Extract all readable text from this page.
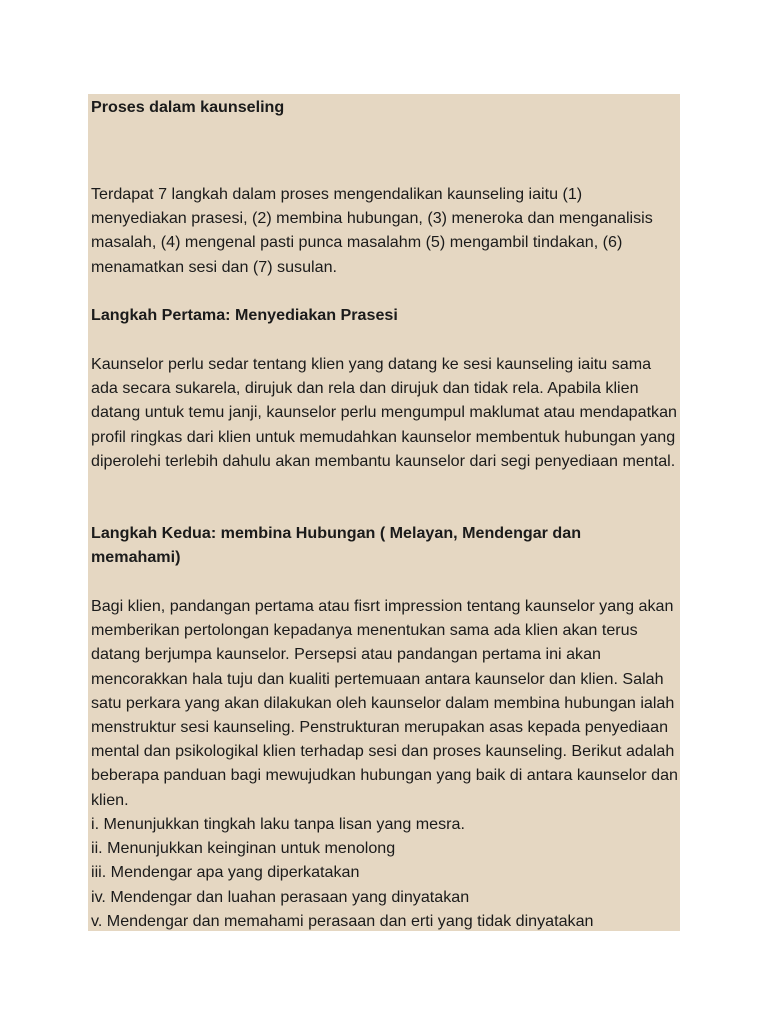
Proses dalam kaunseling

Terdapat 7 langkah dalam proses mengendalikan kaunseling iaitu (1) menyediakan prasesi, (2) membina hubungan, (3) meneroka dan menganalisis masalah, (4) mengenal pasti punca masalahm (5) mengambil tindakan, (6) menamatkan sesi dan (7) susulan.

Langkah Pertama: Menyediakan Prasesi

Kaunselor perlu sedar tentang klien yang datang ke sesi kaunseling iaitu sama ada secara sukarela, dirujuk dan rela dan dirujuk dan tidak rela. Apabila klien datang untuk temu janji, kaunselor perlu mengumpul maklumat atau mendapatkan profil ringkas dari klien untuk memudahkan kaunselor membentuk hubungan yang diperolehi terlebih dahulu akan membantu kaunselor dari segi penyediaan mental.

Langkah Kedua: membina Hubungan ( Melayan, Mendengar dan memahami)

Bagi klien, pandangan pertama atau fisrt impression tentang kaunselor yang akan memberikan pertolongan kepadanya menentukan sama ada klien akan terus datang berjumpa kaunselor. Persepsi atau pandangan pertama ini akan mencorakkan hala tuju dan kualiti pertemuaan antara kaunselor dan klien. Salah satu perkara yang akan dilakukan oleh kaunselor dalam membina hubungan ialah menstruktur sesi kaunseling. Penstrukturan merupakan asas kepada penyediaan mental dan psikologikal klien terhadap sesi dan proses kaunseling. Berikut adalah beberapa panduan bagi mewujudkan hubungan yang baik di antara kaunselor dan klien.

i. Menunjukkan tingkah laku tanpa lisan yang mesra.
ii. Menunjukkan keinginan untuk menolong
iii. Mendengar apa yang diperkatakan
iv. Mendengar dan luahan perasaan yang dinyatakan
v. Mendengar dan memahami perasaan dan erti yang tidak dinyatakan
